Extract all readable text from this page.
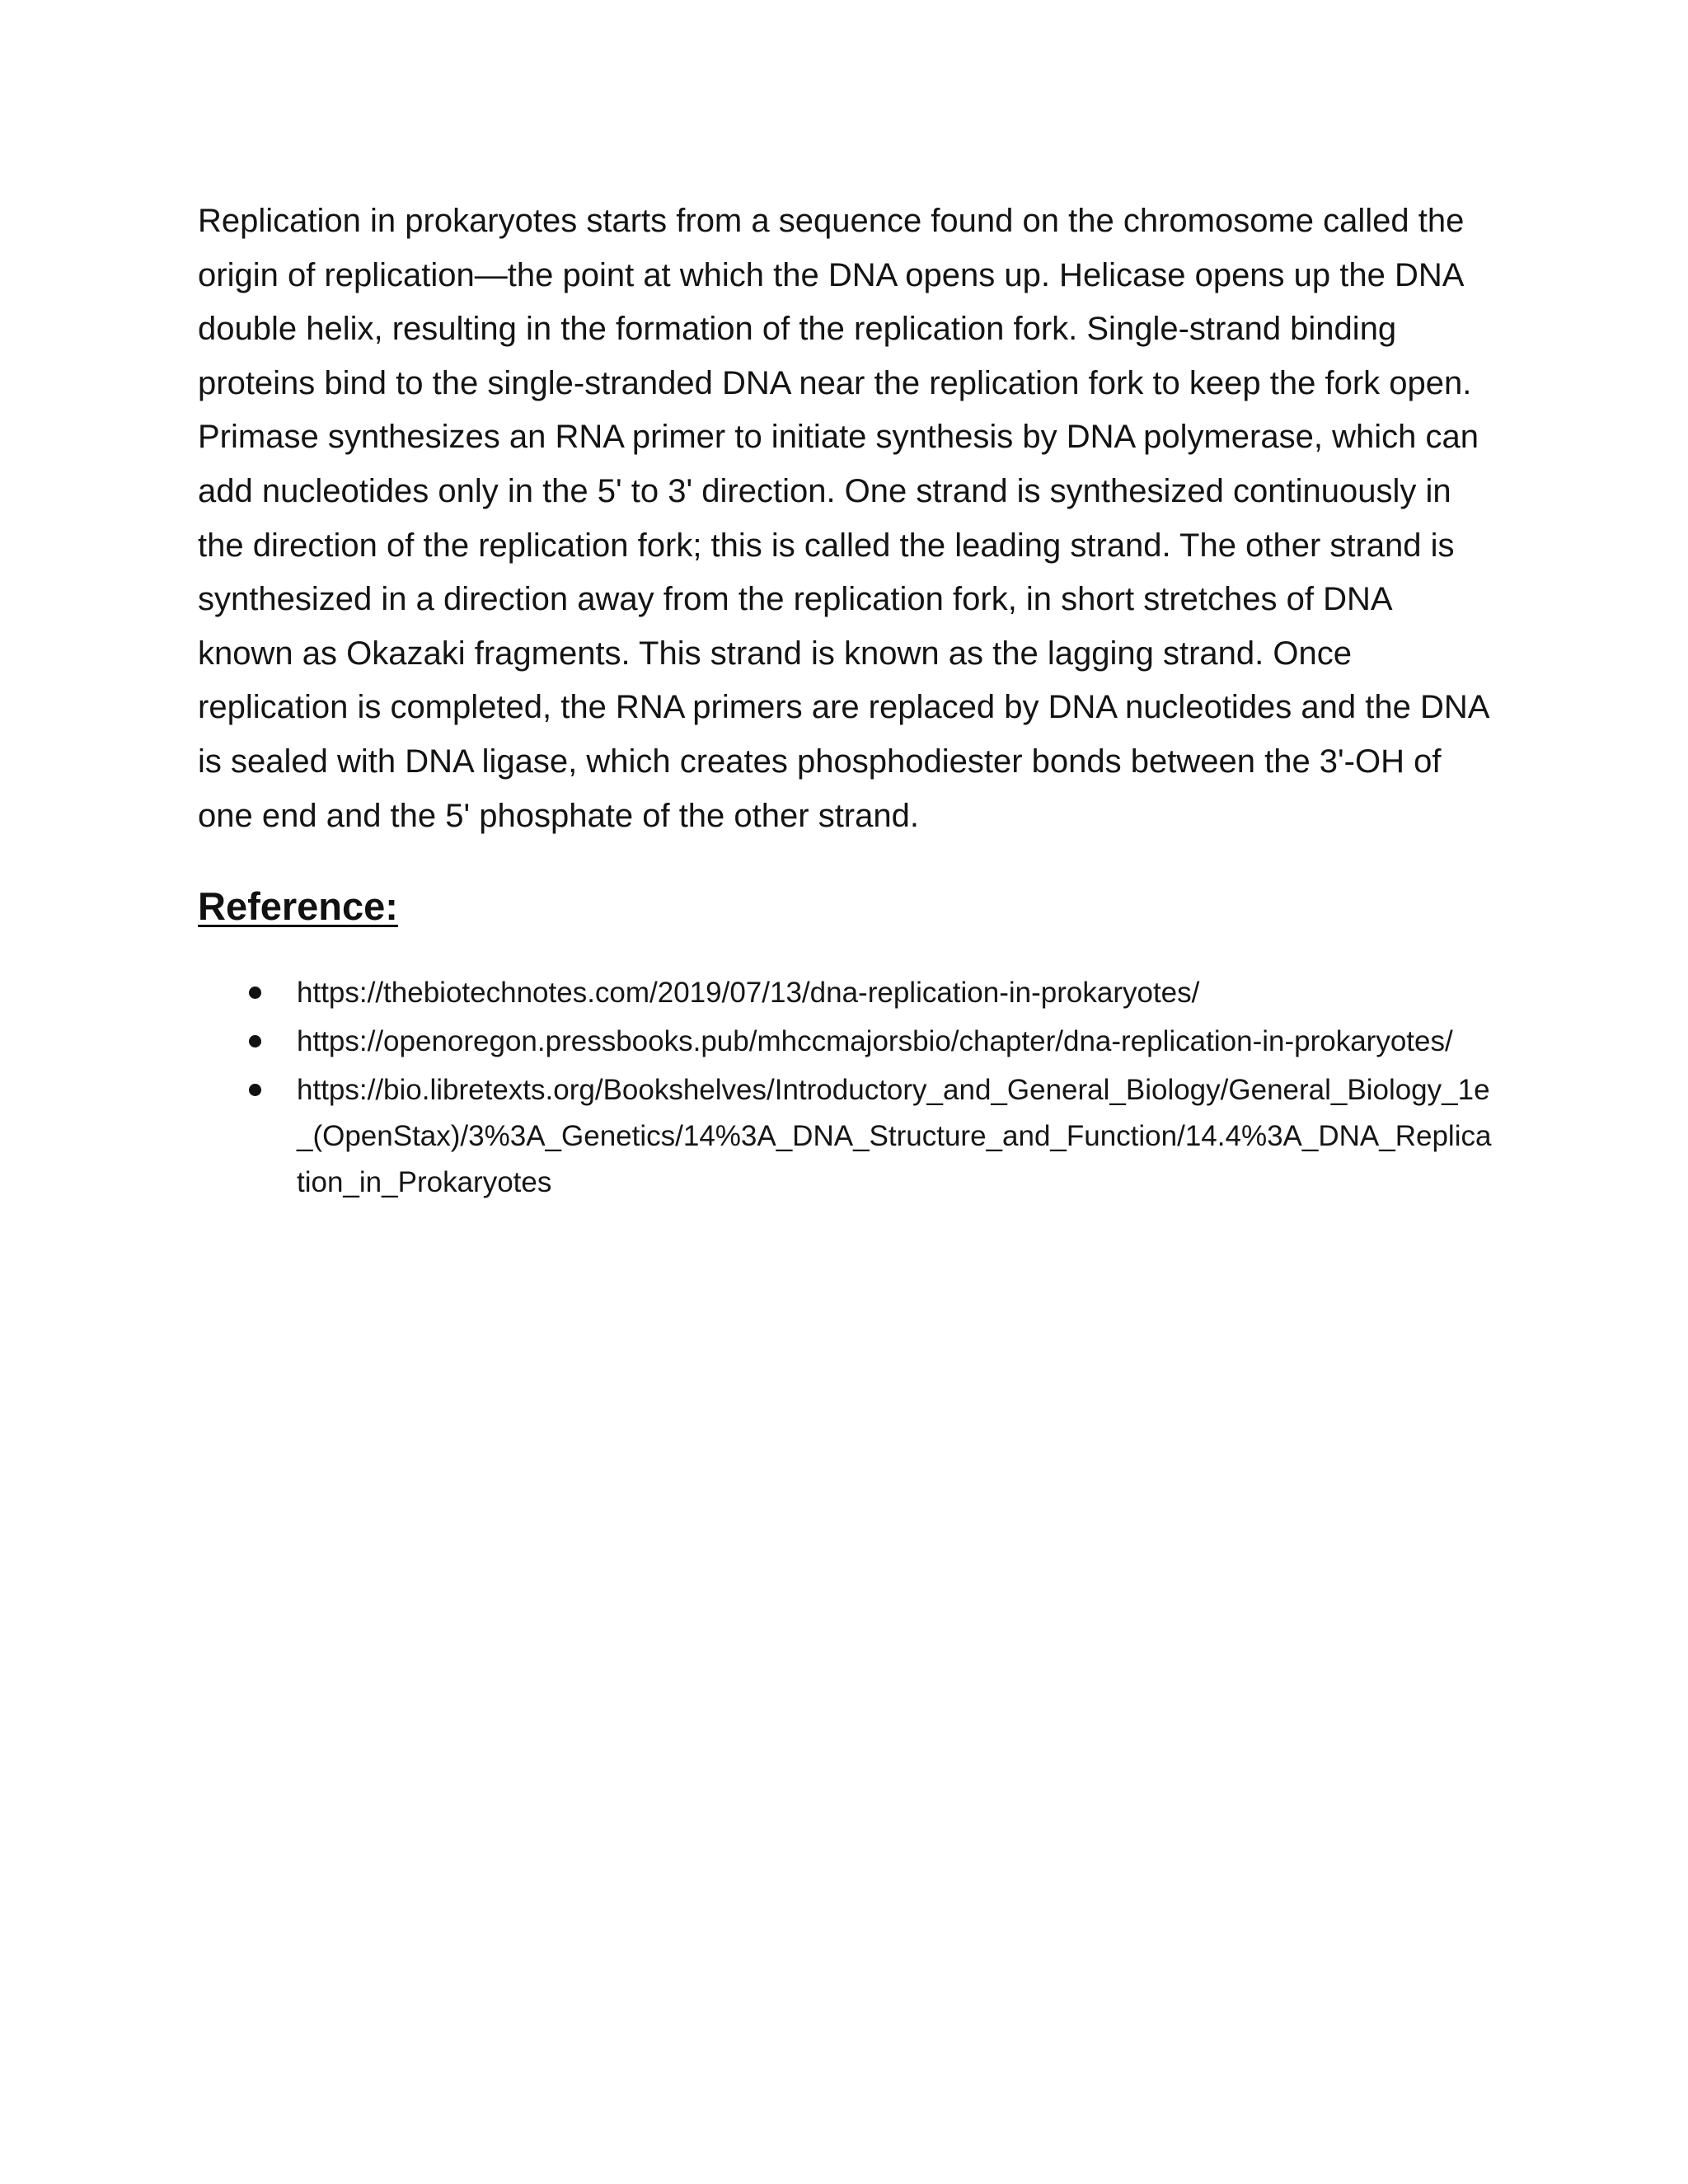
Replication in prokaryotes starts from a sequence found on the chromosome called the origin of replication—the point at which the DNA opens up. Helicase opens up the DNA double helix, resulting in the formation of the replication fork. Single-strand binding proteins bind to the single-stranded DNA near the replication fork to keep the fork open. Primase synthesizes an RNA primer to initiate synthesis by DNA polymerase, which can add nucleotides only in the 5' to 3' direction. One strand is synthesized continuously in the direction of the replication fork; this is called the leading strand. The other strand is synthesized in a direction away from the replication fork, in short stretches of DNA known as Okazaki fragments. This strand is known as the lagging strand. Once replication is completed, the RNA primers are replaced by DNA nucleotides and the DNA is sealed with DNA ligase, which creates phosphodiester bonds between the 3'-OH of one end and the 5' phosphate of the other strand.

Reference:
https://thebiotechnotes.com/2019/07/13/dna-replication-in-prokaryotes/
https://openoregon.pressbooks.pub/mhccmajorsbio/chapter/dna-replication-in-prokaryotes/
https://bio.libretexts.org/Bookshelves/Introductory_and_General_Biology/General_Biology_1e_(OpenStax)/3%3A_Genetics/14%3A_DNA_Structure_and_Function/14.4%3A_DNA_Replication_in_Prokaryotes
